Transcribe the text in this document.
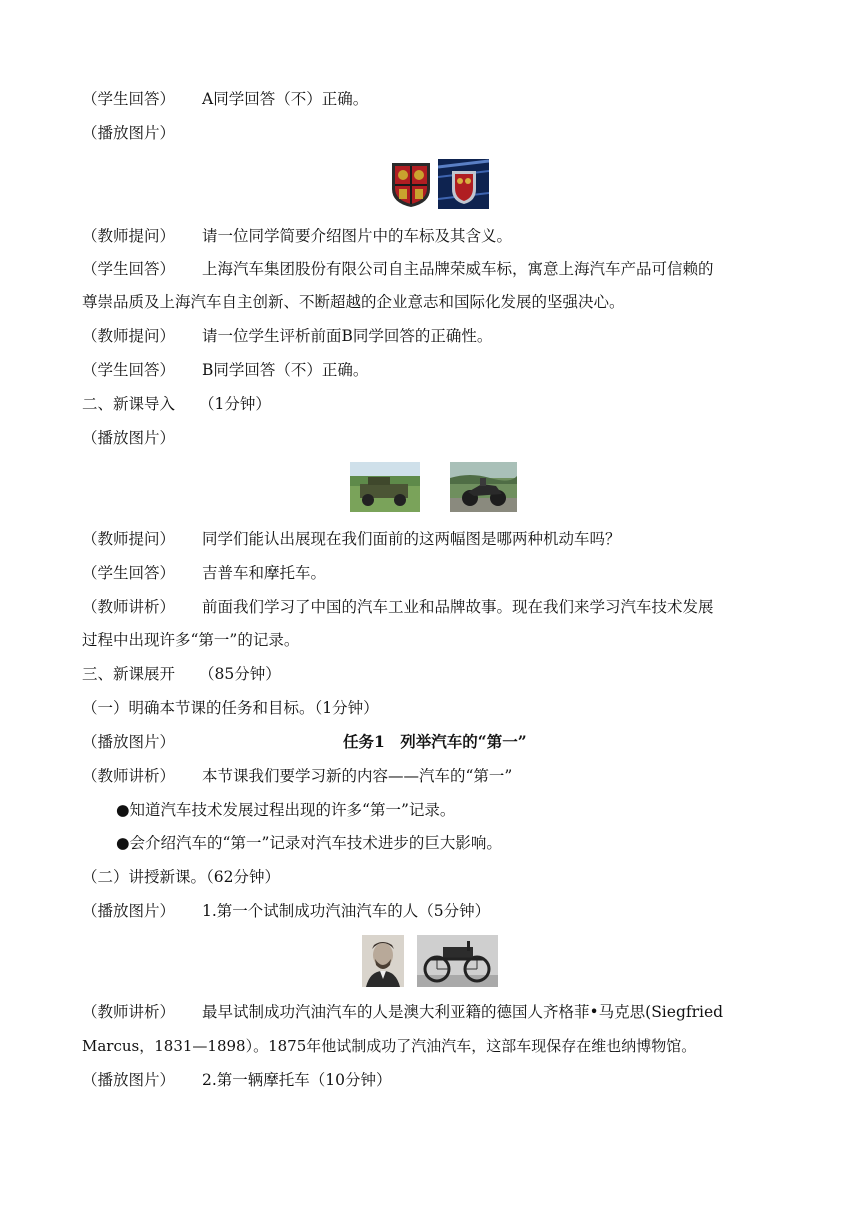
（学生回答） A同学回答（不）正确。
（播放图片）
（教师提问） 请一位同学简要介绍图片中的车标及其含义。
（学生回答） 上海汽车集团股份有限公司自主品牌荣威车标，寓意上海汽车产品可信赖的
尊崇品质及上海汽车自主创新、不断超越的企业意志和国际化发展的坚强决心。
（教师提问） 请一位学生评析前面B同学回答的正确性。
（学生回答） B同学回答（不）正确。
二、新课导入 （1分钟）
（播放图片）
（教师提问） 同学们能认出展现在我们面前的这两幅图是哪两种机动车吗？
（学生回答） 吉普车和摩托车。
（教师讲析） 前面我们学习了中国的汽车工业和品牌故事。现在我们来学习汽车技术发展
过程中出现许多“第一”的记录。
三、新课展开 （85分钟）
（一）明确本节课的任务和目标。（1分钟）
（播放图片）	任务1　列举汽车的“第一”
（教师讲析） 本节课我们要学习新的内容——汽车的“第一”
●知道汽车技术发展过程出现的许多“第一”记录。
●会介绍汽车的“第一”记录对汽车技术进步的巨大影响。
（二）讲授新课。（62分钟）
（播放图片） 1.第一个试制成功汽油汽车的人（5分钟）
（教师讲析） 最早试制成功汽油汽车的人是澳大利亚籍的德国人齐格菲•马克思(Siegfried
Marcus，1831—1898）。1875年他试制成功了汽油汽车，这部车现保存在维也纳博物馆。
（播放图片） 2.第一辆摩托车（10分钟）
